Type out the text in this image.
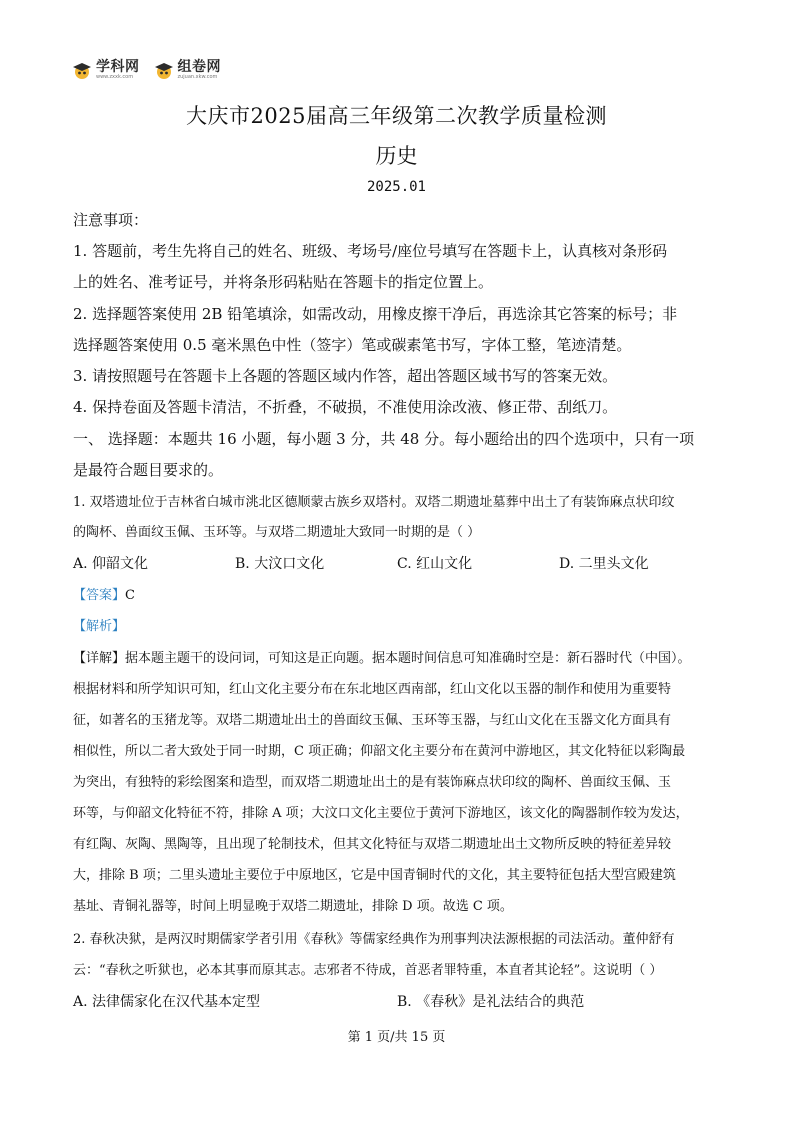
学科网
www.zxxk.com
组卷网
zujuan.xkw.com
大庆市2025届高三年级第二次教学质量检测
历史
2025.01
注意事项：
1. 答题前，考生先将自己的姓名、班级、考场号/座位号填写在答题卡上，认真核对条形码
上的姓名、准考证号，并将条形码粘贴在答题卡的指定位置上。
2. 选择题答案使用 2B 铅笔填涂，如需改动，用橡皮擦干净后，再选涂其它答案的标号；非
选择题答案使用 0.5 毫米黑色中性（签字）笔或碳素笔书写，字体工整，笔迹清楚。
3. 请按照题号在答题卡上各题的答题区域内作答，超出答题区域书写的答案无效。
4. 保持卷面及答题卡清洁，不折叠，不破损，不准使用涂改液、修正带、刮纸刀。
一、 选择题：本题共 16 小题，每小题 3 分，共 48 分。每小题给出的四个选项中，只有一项
是最符合题目要求的。
1. 双塔遗址位于吉林省白城市洮北区德顺蒙古族乡双塔村。双塔二期遗址墓葬中出土了有装饰麻点状印纹
的陶杯、兽面纹玉佩、玉环等。与双塔二期遗址大致同一时期的是（ ）
A. 仰韶文化	B. 大汶口文化	C. 红山文化	D. 二里头文化
【答案】C
【解析】
【详解】据本题主题干的设问词，可知这是正向题。据本题时间信息可知准确时空是：新石器时代（中国）。
根据材料和所学知识可知，红山文化主要分布在东北地区西南部，红山文化以玉器的制作和使用为重要特
征，如著名的玉猪龙等。双塔二期遗址出土的兽面纹玉佩、玉环等玉器，与红山文化在玉器文化方面具有
相似性，所以二者大致处于同一时期，C 项正确；仰韶文化主要分布在黄河中游地区，其文化特征以彩陶最
为突出，有独特的彩绘图案和造型，而双塔二期遗址出土的是有装饰麻点状印纹的陶杯、兽面纹玉佩、玉
环等，与仰韶文化特征不符，排除 A 项；大汶口文化主要位于黄河下游地区，该文化的陶器制作较为发达，
有红陶、灰陶、黑陶等，且出现了轮制技术，但其文化特征与双塔二期遗址出土文物所反映的特征差异较
大，排除 B 项；二里头遗址主要位于中原地区，它是中国青铜时代的文化，其主要特征包括大型宫殿建筑
基址、青铜礼器等，时间上明显晚于双塔二期遗址，排除 D 项。故选 C 项。
2. 春秋决狱，是两汉时期儒家学者引用《春秋》等儒家经典作为刑事判决法源根据的司法活动。董仲舒有
云：“春秋之听狱也，必本其事而原其志。志邪者不待成，首恶者罪特重，本直者其论轻”。这说明（ ）
A. 法律儒家化在汉代基本定型	B. 《春秋》是礼法结合的典范
第 1 页/共 15 页
